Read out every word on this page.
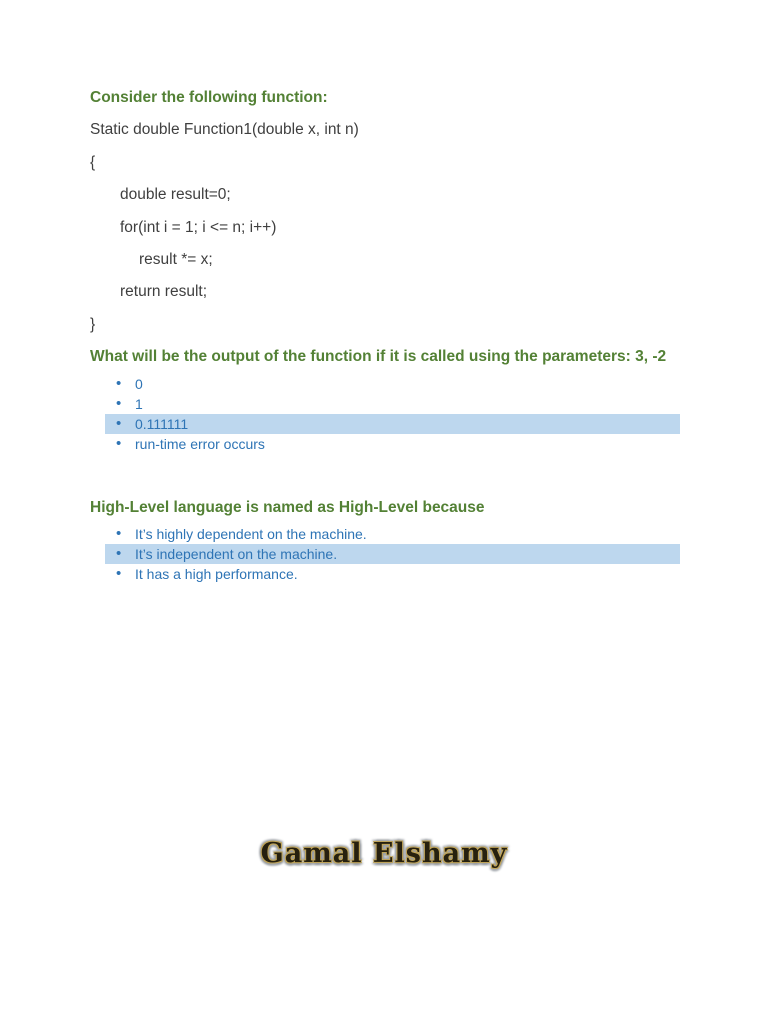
Consider the following function:
Static double Function1(double x, int n)
{
double result=0;
for(int i = 1; i <= n; i++)
result *= x;
return result;
}
What will be the output of the function if it is called using the parameters: 3, -2
• 0
• 1
• 0.111111
• run-time error occurs
High-Level language is named as High-Level because
• It’s highly dependent on the machine.
• It’s independent on the machine.
• It has a high performance.
Gamal Elshamy
